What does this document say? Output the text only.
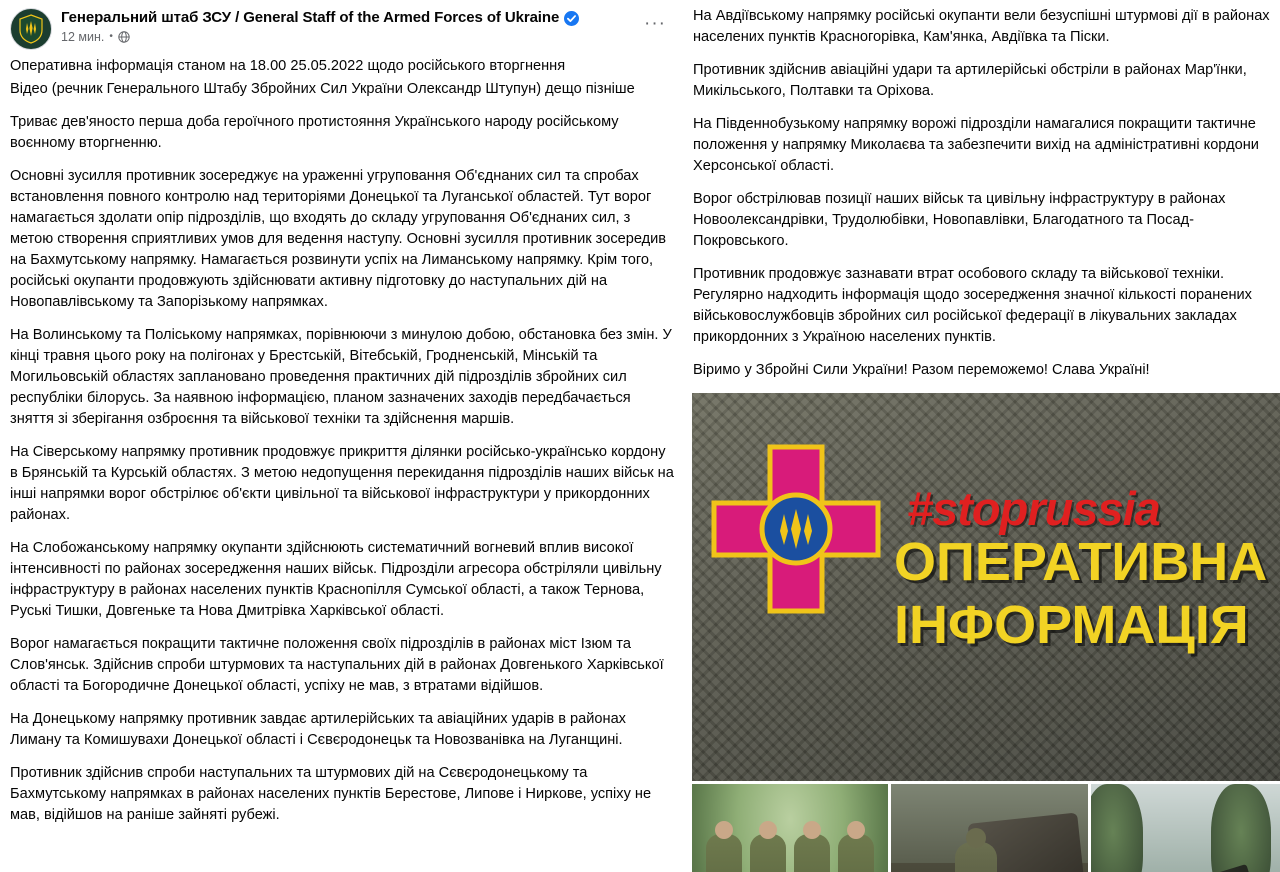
Генеральний штаб ЗСУ / General Staff of the Armed Forces of Ukraine
12 мин. •
···

Оперативна інформація станом на 18.00 25.05.2022 щодо російського вторгнення

Відео (речник Генерального Штабу Збройних Сил України Олександр Штупун) дещо пізніше

Триває дев'яносто перша доба героїчного протистояння Українського народу російському воєнному вторгненню.

Основні зусилля противник зосереджує на ураженні угруповання Об'єднаних сил та спробах встановлення повного контролю над територіями Донецької та Луганської областей. Тут ворог намагається здолати опір підрозділів, що входять до складу угруповання Об'єднаних сил, з метою створення сприятливих умов для ведення наступу. Основні зусилля противник зосередив на Бахмутському напрямку. Намагається розвинути успіх на Лиманському напрямку. Крім того, російські окупанти продовжують здійснювати активну підготовку до наступальних дій на Новопавлівському та Запорізькому напрямках.

На Волинському та Поліському напрямках, порівнюючи з минулою добою, обстановка без змін. У кінці травня цього року на полігонах у Брестській, Вітебській, Гродненській, Мінській та Могильовській областях заплановано проведення практичних дій підрозділів збройних сил республіки білорусь. За наявною інформацією, планом зазначених заходів передбачається зняття зі зберігання озброєння та військової техніки та здійснення маршів.

На Сіверському напрямку противник продовжує прикриття ділянки російсько-українсько кордону в Брянській та Курській областях. З метою недопущення перекидання підрозділів наших військ на інші напрямки ворог обстрілює об'єкти цивільної та військової інфраструктури у прикордонних районах.

На Слобожанському напрямку окупанти здійснюють систематичний вогневий вплив високої інтенсивності по районах зосередження наших військ. Підрозділи агресора обстріляли цивільну інфраструктуру в районах населених пунктів Краснопілля Сумської області, а також Тернова, Руські Тишки, Довгеньке та Нова Дмитрівка Харківської області.

Ворог намагається покращити тактичне положення своїх підрозділів в районах міст Ізюм та Слов'янськ. Здійснив спроби штурмових та наступальних дій в районах Довгенького Харківської області та Богородичне Донецької області, успіху не мав, з втратами відійшов.

На Донецькому напрямку противник завдає артилерійських та авіаційних ударів в районах Лиману та Комишувахи Донецької області і Сєвєродонецьк та Новозванівка на Луганщині.

Противник здійснив спроби наступальних та штурмових дій на Сєвєродонецькому та Бахмутському напрямках в районах населених пунктів Берестове, Липове і Ниркове, успіху не мав, відійшов на раніше зайняті рубежі.

На Авдіївському напрямку російські окупанти вели безуспішні штурмові дії в районах населених пунктів Красногорівка, Кам'янка, Авдіївка та Піски.

Противник здійснив авіаційні удари та артилерійські обстріли в районах Мар'їнки, Микільського, Полтавки та Оріхова.

На Південнобузькому напрямку ворожі підрозділи намагалися покращити тактичне положення у напрямку Миколаєва та забезпечити вихід на адміністративні кордони Херсонської області.

Ворог обстрілював позиції наших військ та цивільну інфраструктуру в районах Новоолександрівки, Трудолюбівки, Новопавлівки, Благодатного та Посад-Покровського.

Противник продовжує зазнавати втрат особового складу та військової техніки. Регулярно надходить інформація щодо зосередження значної кількості поранених військовослужбовців збройних сил російської федерації в лікувальних закладах прикордонних з Україною населених пунктів.

Віримо у Збройні Сили України! Разом переможемо! Слава Україні!

#stoprussia
ОПЕРАТИВНА
ІНФОРМАЦІЯ
